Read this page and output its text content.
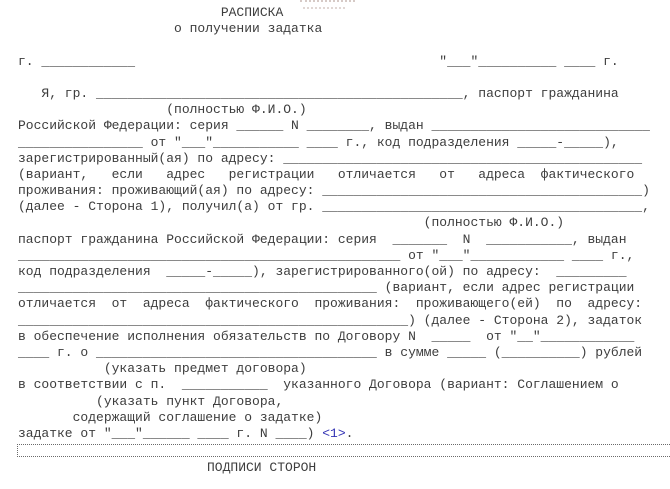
РАСПИСКА
о получении задатка
г. ____________                                       "___"__________ ____ г.
Я, гр. _______________________________________________, паспорт гражданина
(полностью Ф.И.О.)
Российской Федерации: серия ______ N ________, выдан ____________________________
________________ от "___"___________ ____ г., код подразделения _____-_____),
зарегистрированный(ая) по адресу: ______________________________________________
(вариант,   если   адрес   регистрации   отличается   от   адреса  фактического
проживания: проживающий(ая) по адресу: _________________________________________)
(далее - Сторона 1), получил(а) от гр. _________________________________________,
(полностью Ф.И.О.)
паспорт гражданина Российской Федерации: серия  _______  N  ___________, выдан
_________________________________________________ от "___"____________ ____ г.,
код подразделения  _____-_____), зарегистрированного(ой) по адресу:  _________
______________________________________________ (вариант, если адрес регистрации
отличается  от  адреса  фактического  проживания:  проживающего(ей)  по  адресу:
__________________________________________________) (далее - Сторона 2), задаток
в обеспечение исполнения обязательств по Договору N  _____  от "__"____________
____ г. о ____________________________________ в сумме _____ (__________) рублей
(указать предмет договора)
в соответствии с п.  ___________  указанного Договора (вариант: Соглашением о
(указать пункт Договора,
содержащий соглашение о задатке)
задатке от "___"______ ____ г. N ____) <1>.
ПОДПИСИ СТОРОН
